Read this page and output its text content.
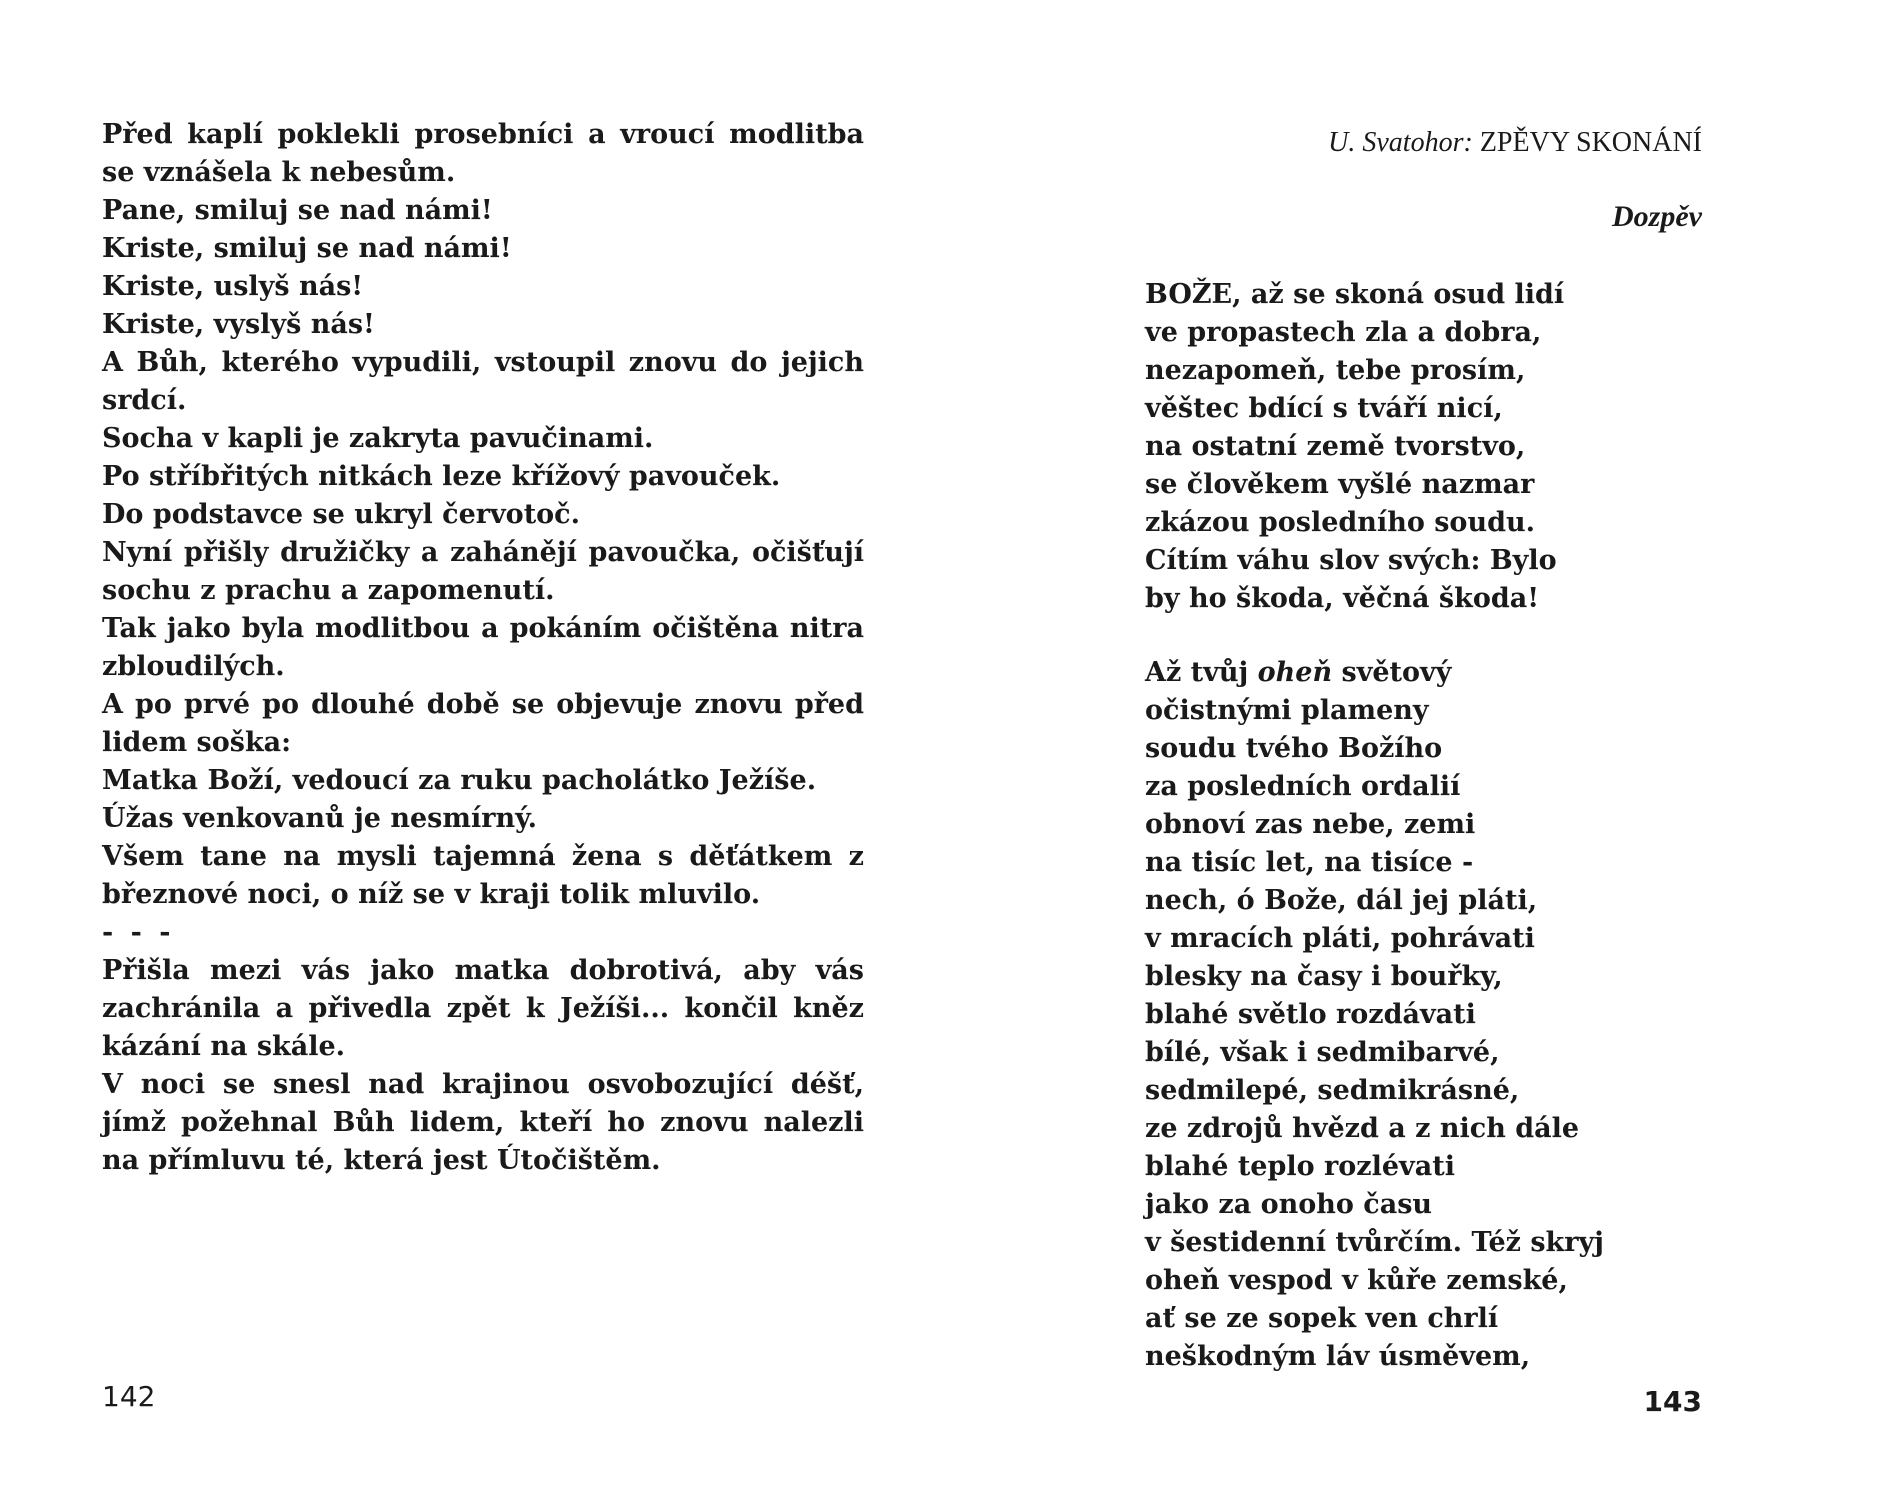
Před kaplí poklekli prosebníci a vroucí modlitba se vznášela k nebesům.

Pane, smiluj se nad námi!

Kriste, smiluj se nad námi!

Kriste, uslyš nás!

Kriste, vyslyš nás!

A Bůh, kterého vypudili, vstoupil znovu do jejich srdcí.

Socha v kapli je zakryta pavučinami.

Po stříbřitých nitkách leze křížový pavouček.

Do podstavce se ukryl červotoč.

Nyní přišly družičky a zahánějí pavoučka, očišťují sochu z prachu a zapomenutí.

Tak jako byla modlitbou a pokáním očištěna nitra zbloudilých.

A po prvé po dlouhé době se objevuje znovu před lidem soška:

Matka Boží, vedoucí za ruku pacholátko Ježíše.

Úžas venkovanů je nesmírný.

Všem tane na mysli tajemná žena s děťátkem z březnové noci, o níž se v kraji tolik mluvilo.

- - -

Přišla mezi vás jako matka dobrotivá, aby vás zachránila a přivedla zpět k Ježíši... končil kněz kázání na skále.

V noci se snesl nad krajinou osvobozující déšť, jímž požehnal Bůh lidem, kteří ho znovu nalezli na přímluvu té, která jest Útočištěm.

142
U. Svatohor: ZPĚVY SKONÁNÍ
Dozpěv
BOŽE, až se skoná osud lidí
ve propastech zla a dobra,
nezapomeň, tebe prosím,
věštec bdící s tváří nicí,
na ostatní země tvorstvo,
se člověkem vyšlé nazmar
zkázou posledního soudu.
Cítím váhu slov svých: Bylo
by ho škoda, věčná škoda!
Až tvůj oheň světový
očistnými plameny
soudu tvého Božího
za posledních ordalií
obnoví zas nebe, zemi
na tisíc let, na tisíce -
nech, ó Bože, dál jej pláti,
v mracích pláti, pohrávati
blesky na časy i bouřky,
blahé světlo rozdávati
bílé, však i sedmibarvé,
sedmilepé, sedmikrásné,
ze zdrojů hvězd a z nich dále
blahé teplo rozlévati
jako za onoho času
v šestidenní tvůrčím. Též skryj
oheň vespod v kůře zemské,
ať se ze sopek ven chrlí
neškodným láv úsměvem,
143
